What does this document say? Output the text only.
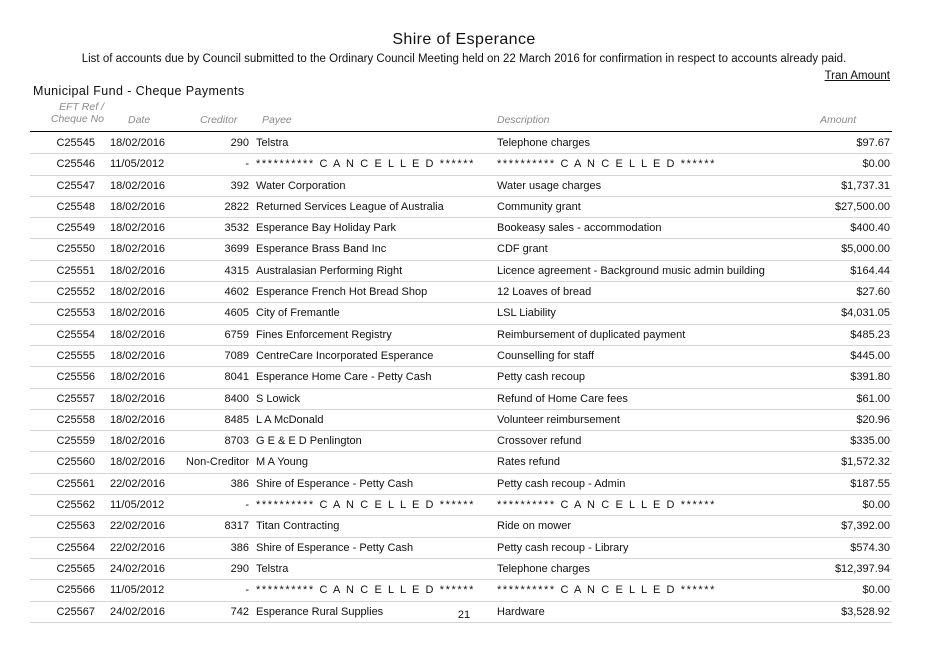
Shire of Esperance
List of accounts due by Council submitted to the Ordinary Council Meeting held on 22 March 2016 for confirmation in respect to accounts already paid.
Tran Amount
Municipal Fund - Cheque Payments
EFT Ref /
Cheque No Date	Creditor Payee	Description	Amount
C25545 18/02/2016	290 Telstra	Telephone charges	$97.67
C25546 11/05/2012	- ********** C A N C E L L E D ****** ********** C A N C E L L E D ******	$0.00
C25547 18/02/2016	392 Water Corporation	Water usage charges	$1,737.31
C25548 18/02/2016	2822 Returned Services League of Australia	Community grant	$27,500.00
C25549 18/02/2016	3532 Esperance Bay Holiday Park	Bookeasy sales - accommodation	$400.40
C25550 18/02/2016	3699 Esperance Brass Band Inc	CDF grant	$5,000.00
C25551 18/02/2016	4315 Australasian Performing Right	Licence agreement - Background music admin building	$164.44
C25552 18/02/2016	4602 Esperance French Hot Bread Shop	12 Loaves of bread	$27.60
C25553 18/02/2016	4605 City of Fremantle	LSL Liability	$4,031.05
C25554 18/02/2016	6759 Fines Enforcement Registry	Reimbursement of duplicated payment	$485.23
C25555 18/02/2016	7089 CentreCare Incorporated Esperance	Counselling for staff	$445.00
C25556 18/02/2016	8041 Esperance Home Care - Petty Cash	Petty cash recoup	$391.80
C25557 18/02/2016	8400 S Lowick	Refund of Home Care fees	$61.00
C25558 18/02/2016	8485 L A McDonald	Volunteer reimbursement	$20.96
C25559 18/02/2016	8703 G E & E D Penlington	Crossover refund	$335.00
C25560 18/02/2016	Non-Creditor M A Young	Rates refund	$1,572.32
C25561 22/02/2016	386 Shire of Esperance - Petty Cash	Petty cash recoup - Admin	$187.55
C25562 11/05/2012	- ********** C A N C E L L E D ****** ********** C A N C E L L E D ******	$0.00
C25563 22/02/2016	8317 Titan Contracting	Ride on mower	$7,392.00
C25564 22/02/2016	386 Shire of Esperance - Petty Cash	Petty cash recoup - Library	$574.30
C25565 24/02/2016	290 Telstra	Telephone charges	$12,397.94
C25566 11/05/2012	- ********** C A N C E L L E D ****** ********** C A N C E L L E D ******	$0.00
C25567 24/02/2016	742 Esperance Rural Supplies	Hardware	$3,528.92
21
